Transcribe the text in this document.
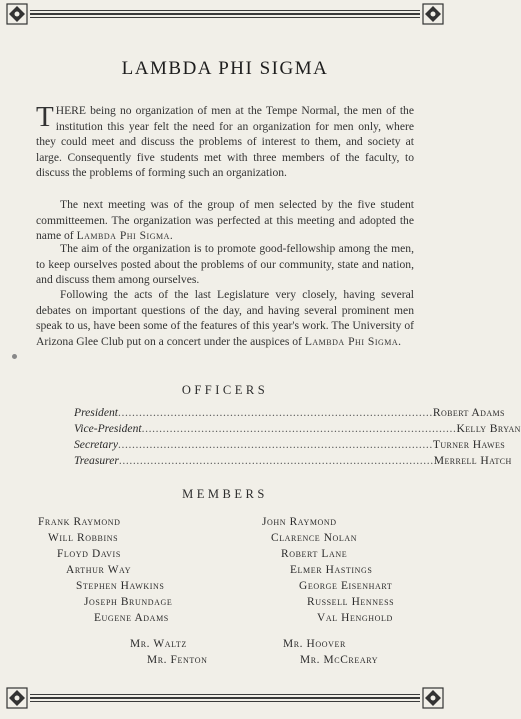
LAMBDA PHI SIGMA
THERE being no organization of men at the Tempe Normal, the men of the institution this year felt the need for an organization for men only, where they could meet and discuss the problems of interest to them, and society at large. Consequently five students met with three members of the faculty, to discuss the problems of forming such an organization.
The next meeting was of the group of men selected by the five student committeemen. The organization was perfected at this meeting and adopted the name of Lambda Phi Sigma.
The aim of the organization is to promote good-fellowship among the men, to keep ourselves posted about the problems of our community, state and nation, and discuss them among ourselves.
Following the acts of the last Legislature very closely, having several debates on important questions of the day, and having several prominent men speak to us, have been some of the features of this year's work. The University of Arizona Glee Club put on a concert under the auspices of Lambda Phi Sigma.
OFFICERS
President .......................................................................................... Robert Adams
Vice-President .......................................................................................... Kelly Bryan
Secretary .......................................................................................... Turner Hawes
Treasurer .......................................................................................... Merrell Hatch
MEMBERS
Frank Raymond
Will Robbins
Floyd Davis
Arthur Way
Stephen Hawkins
Joseph Brundage
Eugene Adams
John Raymond
Clarence Nolan
Robert Lane
Elmer Hastings
George Eisenhart
Russell Henness
Val Henghold
Mr. Waltz
Mr. Fenton
Mr. Hoover
Mr. McCreary
